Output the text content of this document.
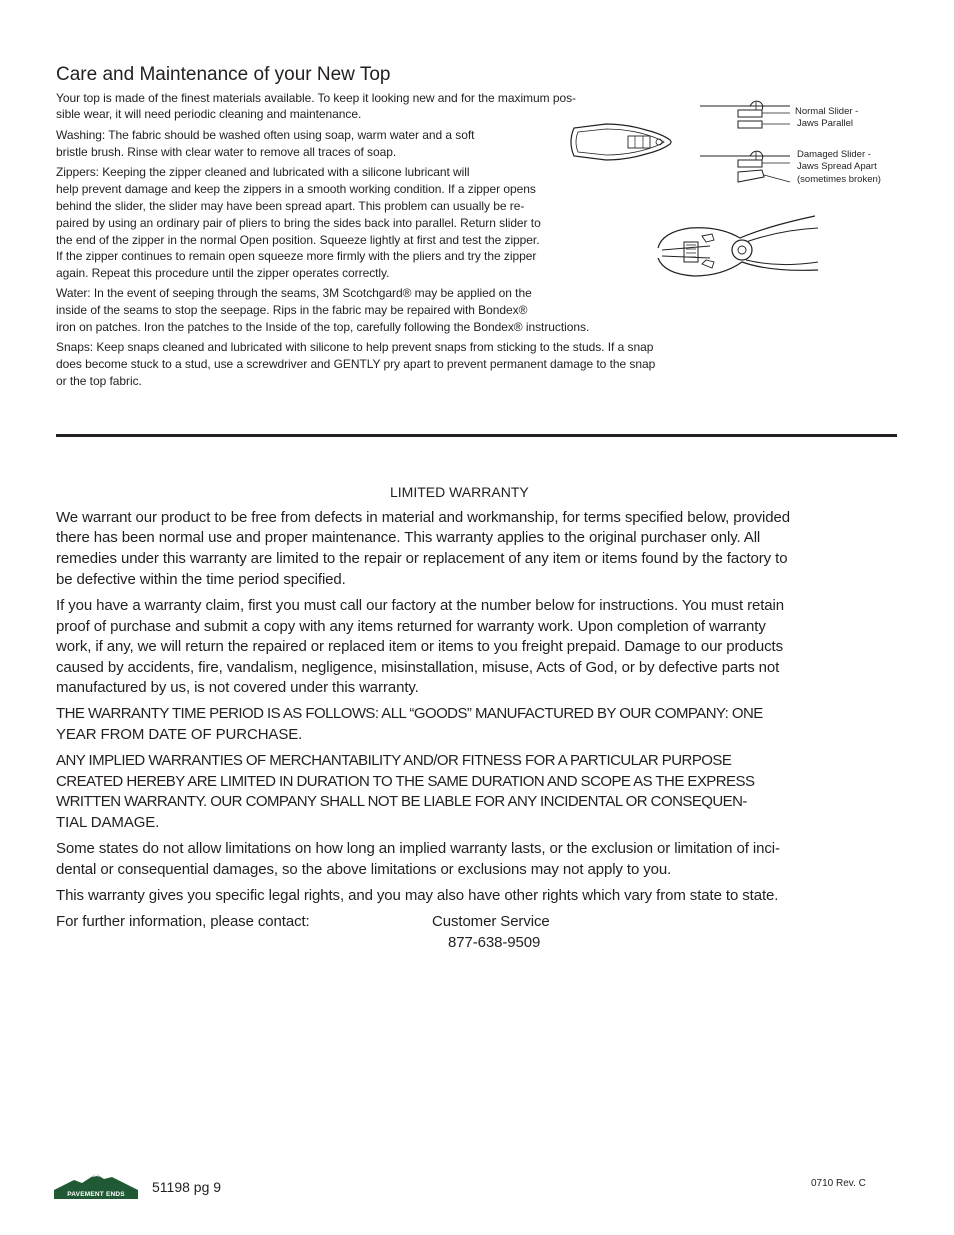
Care and Maintenance of your New Top
Your top is made of the finest materials available. To keep it looking new and for the maximum pos-
sible wear, it will need periodic cleaning and maintenance.
Washing: The fabric should be washed often using soap, warm water and a soft
bristle brush. Rinse with clear water to remove all traces of soap.
Zippers: Keeping the zipper cleaned and lubricated with a silicone lubricant will
help prevent damage and keep the zippers in a smooth working condition. If a zipper opens
behind the slider, the slider may have been spread apart. This problem can usually be re-
paired by using an ordinary pair of pliers to bring the sides back into parallel. Return slider to
the end of the zipper in the normal Open position. Squeeze lightly at first and test the zipper.
If the zipper continues to remain open squeeze more firmly with the pliers and try the zipper
again. Repeat this procedure until the zipper operates correctly.
Water: In the event of seeping through the seams, 3M Scotchgard® may be applied on the
inside of the seams to stop the seepage. Rips in the fabric may be repaired with Bondex®
iron on patches. Iron the patches to the Inside of the top, carefully following the Bondex® instructions.
Snaps: Keep snaps cleaned and lubricated with silicone to help prevent snaps from sticking to the studs. If a snap
does become stuck to a stud, use a screwdriver and GENTLY pry apart to prevent permanent damage to the snap
or the top fabric.
Normal Slider -
Jaws Parallel
Damaged Slider -
Jaws Spread Apart
(sometimes broken)
LIMITED WARRANTY
We warrant our product to be free from defects in material and workmanship, for terms specified below, provided
there has been normal use and proper maintenance. This warranty applies to the original purchaser only. All
remedies under this warranty are limited to the repair or replacement of any item or items found by the factory to
be defective within the time period specified.
If you have a warranty claim, first you must call our factory at the number below for instructions. You must retain
proof of purchase and submit a copy with any items returned for warranty work. Upon completion of warranty
work, if any, we will return the repaired or replaced item or items to you freight prepaid. Damage to our products
caused by accidents, fire, vandalism, negligence, misinstallation, misuse, Acts of God, or by defective parts not
manufactured by us, is not covered under this warranty.
THE WARRANTY TIME PERIOD IS AS FOLLOWS: ALL “GOODS” MANUFACTURED BY OUR COMPANY: ONE
YEAR FROM DATE OF PURCHASE.
ANY IMPLIED WARRANTIES OF MERCHANTABILITY AND/OR FITNESS FOR A PARTICULAR PURPOSE
CREATED HEREBY ARE LIMITED IN DURATION TO THE SAME DURATION AND SCOPE AS THE EXPRESS
WRITTEN WARRANTY. OUR COMPANY SHALL NOT BE LIABLE FOR ANY INCIDENTAL OR CONSEQUEN-
TIAL DAMAGE.
Some states do not allow limitations on how long an implied warranty lasts, or the exclusion or limitation of inci-
dental or consequential damages, so the above limitations or exclusions may not apply to you.
This warranty gives you specific legal rights, and you may also have other rights which vary from state to state.
For further information, please contact:	Customer Service
877-638-9509
PAVEMENT ENDS	51198 pg 9	0710 Rev. C
